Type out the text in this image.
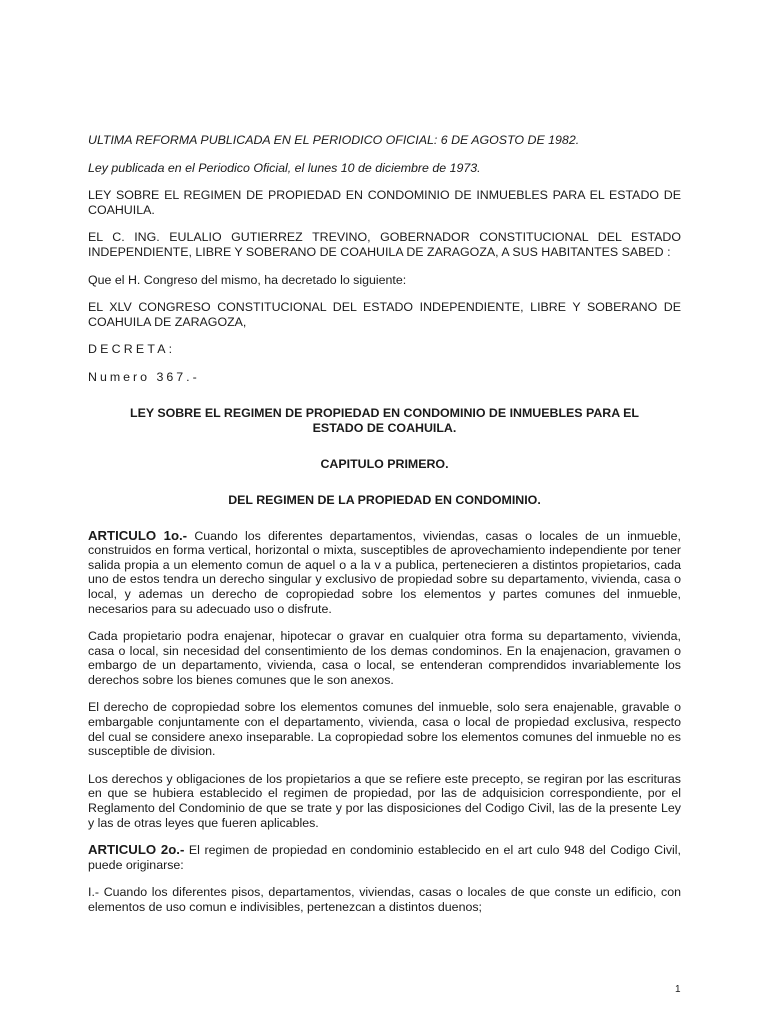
ULTIMA REFORMA PUBLICADA EN EL PERIODICO OFICIAL: 6 DE AGOSTO DE 1982.

Ley publicada en el Periodico Oficial, el lunes 10 de diciembre de 1973.

LEY SOBRE EL REGIMEN DE PROPIEDAD EN CONDOMINIO DE INMUEBLES PARA EL ESTADO DE COAHUILA.

EL C. ING. EULALIO GUTIERREZ TREVINO, GOBERNADOR CONSTITUCIONAL DEL ESTADO INDEPENDIENTE, LIBRE Y SOBERANO DE COAHUILA DE ZARAGOZA, A SUS HABITANTES SABED :

Que el H. Congreso del mismo, ha decretado lo siguiente:

EL XLV CONGRESO CONSTITUCIONAL DEL ESTADO INDEPENDIENTE, LIBRE Y SOBERANO DE COAHUILA DE ZARAGOZA,

DECRETA:

Numero 367.-

LEY SOBRE EL REGIMEN DE PROPIEDAD EN CONDOMINIO DE INMUEBLES PARA EL ESTADO DE COAHUILA.

CAPITULO PRIMERO.

DEL REGIMEN DE LA PROPIEDAD EN CONDOMINIO.

ARTICULO 1o.- Cuando los diferentes departamentos, viviendas, casas o locales de un inmueble, construidos en forma vertical, horizontal o mixta, susceptibles de aprovechamiento independiente por tener salida propia a un elemento comun de aquel o a la v a publica, pertenecieren a distintos propietarios, cada uno de estos tendra un derecho singular y exclusivo de propiedad sobre su departamento, vivienda, casa o local, y ademas un derecho de copropiedad sobre los elementos y partes comunes del inmueble, necesarios para su adecuado uso o disfrute.

Cada propietario podra enajenar, hipotecar o gravar en cualquier otra forma su departamento, vivienda, casa o local, sin necesidad del consentimiento de los demas condominos. En la enajenacion, gravamen o embargo de un departamento, vivienda, casa o local, se entenderan comprendidos invariablemente los derechos sobre los bienes comunes que le son anexos.

El derecho de copropiedad sobre los elementos comunes del inmueble, solo sera enajenable, gravable o embargable conjuntamente con el departamento, vivienda, casa o local de propiedad exclusiva, respecto del cual se considere anexo inseparable. La copropiedad sobre los elementos comunes del inmueble no es susceptible de division.

Los derechos y obligaciones de los propietarios a que se refiere este precepto, se regiran por las escrituras en que se hubiera establecido el regimen de propiedad, por las de adquisicion correspondiente, por el Reglamento del Condominio de que se trate y por las disposiciones del Codigo Civil, las de la presente Ley y las de otras leyes que fueren aplicables.

ARTICULO 2o.- El regimen de propiedad en condominio establecido en el art culo 948 del Codigo Civil, puede originarse:

I.- Cuando los diferentes pisos, departamentos, viviendas, casas o locales de que conste un edificio, con elementos de uso comun e indivisibles, pertenezcan a distintos duenos;

1
